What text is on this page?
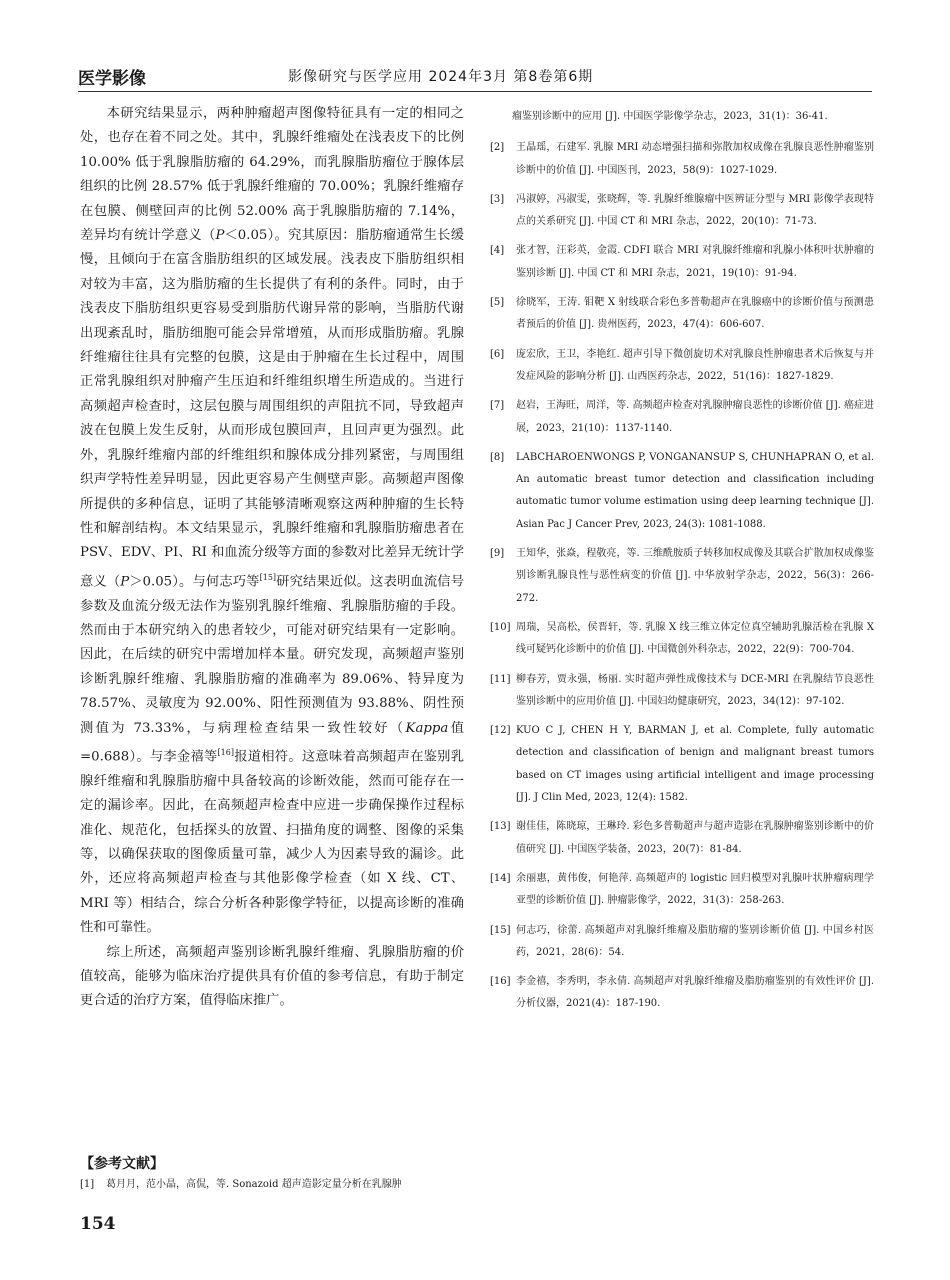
医学影像	影像研究与医学应用 2024年3月 第8卷第6期

本研究结果显示，两种肿瘤超声图像特征具有一定的相同之处，也存在着不同之处。其中，乳腺纤维瘤处在浅表皮下的比例 10.00% 低于乳腺脂肪瘤的 64.29%，而乳腺脂肪瘤位于腺体层组织的比例 28.57% 低于乳腺纤维瘤的 70.00%；乳腺纤维瘤存在包膜、侧壁回声的比例 52.00% 高于乳腺脂肪瘤的 7.14%，差异均有统计学意义（P＜0.05）。究其原因：脂肪瘤通常生长缓慢，且倾向于在富含脂肪组织的区域发展。浅表皮下脂肪组织相对较为丰富，这为脂肪瘤的生长提供了有利的条件。同时，由于浅表皮下脂肪组织更容易受到脂肪代谢异常的影响，当脂肪代谢出现紊乱时，脂肪细胞可能会异常增殖，从而形成脂肪瘤。乳腺纤维瘤往往具有完整的包膜，这是由于肿瘤在生长过程中，周围正常乳腺组织对肿瘤产生压迫和纤维组织增生所造成的。当进行高频超声检查时，这层包膜与周围组织的声阻抗不同，导致超声波在包膜上发生反射，从而形成包膜回声，且回声更为强烈。此外，乳腺纤维瘤内部的纤维组织和腺体成分排列紧密，与周围组织声学特性差异明显，因此更容易产生侧壁声影。高频超声图像所提供的多种信息，证明了其能够清晰观察这两种肿瘤的生长特性和解剖结构。本文结果显示，乳腺纤维瘤和乳腺脂肪瘤患者在 PSV、EDV、PI、RI 和血流分级等方面的参数对比差异无统计学意义（P＞0.05）。与何志巧等[15]研究结果近似。这表明血流信号参数及血流分级无法作为鉴别乳腺纤维瘤、乳腺脂肪瘤的手段。然而由于本研究纳入的患者较少，可能对研究结果有一定影响。因此，在后续的研究中需增加样本量。研究发现，高频超声鉴别诊断乳腺纤维瘤、乳腺脂肪瘤的准确率为 89.06%、特异度为 78.57%、灵敏度为 92.00%、阳性预测值为 93.88%、阴性预测值为 73.33%，与病理检查结果一致性较好（Kappa值 =0.688）。与李金禧等[16]报道相符。这意味着高频超声在鉴别乳腺纤维瘤和乳腺脂肪瘤中具备较高的诊断效能，然而可能存在一定的漏诊率。因此，在高频超声检查中应进一步确保操作过程标准化、规范化，包括探头的放置、扫描角度的调整、图像的采集等，以确保获取的图像质量可靠，减少人为因素导致的漏诊。此外，还应将高频超声检查与其他影像学检查（如 X 线、CT、MRI 等）相结合，综合分析各种影像学特征，以提高诊断的准确性和可靠性。

综上所述，高频超声鉴别诊断乳腺纤维瘤、乳腺脂肪瘤的价值较高，能够为临床治疗提供具有价值的参考信息，有助于制定更合适的治疗方案，值得临床推广。

【参考文献】
[1] 葛月月，范小晶，高侃，等. Sonazoid 超声造影定量分析在乳腺肿
瘤鉴别诊断中的应用 [J]. 中国医学影像学杂志，2023，31(1)：36-41.
[2] 王晶瑶，石建军. 乳腺 MRI 动态增强扫描和弥散加权成像在乳腺良恶性肿瘤鉴别诊断中的价值 [J]. 中国医刊，2023，58(9)：1027-1029.
[3] 冯淑婷，冯淑雯，张晓辉，等. 乳腺纤维腺瘤中医辨证分型与 MRI 影像学表现特点的关系研究 [J]. 中国 CT 和 MRI 杂志，2022，20(10)：71-73.
[4] 张才智，汪彩英，金霞. CDFI 联合 MRI 对乳腺纤维瘤和乳腺小体积叶状肿瘤的鉴别诊断 [J]. 中国 CT 和 MRI 杂志，2021，19(10)：91-94.
[5] 徐晓军，王涛. 钼靶 X 射线联合彩色多普勒超声在乳腺癌中的诊断价值与预测患者预后的价值 [J]. 贵州医药，2023，47(4)：606-607.
[6] 庞宏欣，王卫，李艳红. 超声引导下微创旋切术对乳腺良性肿瘤患者术后恢复与并发症风险的影响分析 [J]. 山西医药杂志，2022，51(16)：1827-1829.
[7] 赵岩，王海旺，周洋，等. 高频超声检查对乳腺肿瘤良恶性的诊断价值 [J]. 癌症进展，2023，21(10)：1137-1140.
[8] LABCHAROENWONGS P, VONGANANSUP S, CHUNHAPRAN O, et al. An automatic breast tumor detection and classification including automatic tumor volume estimation using deep learning technique [J]. Asian Pac J Cancer Prev, 2023, 24(3): 1081-1088.
[9] 王知华，张焱，程敬亮，等. 三维酰胺质子转移加权成像及其联合扩散加权成像鉴别诊断乳腺良性与恶性病变的价值 [J]. 中华放射学杂志，2022，56(3)：266-272.
[10] 周瑞，吴高松，侯晋轩，等. 乳腺 X 线三维立体定位真空辅助乳腺活检在乳腺 X 线可疑钙化诊断中的价值 [J]. 中国微创外科杂志，2022，22(9)：700-704.
[11] 柳春芳，贾永强，杨丽. 实时超声弹性成像技术与 DCE-MRI 在乳腺结节良恶性鉴别诊断中的应用价值 [J]. 中国妇幼健康研究，2023，34(12)：97-102.
[12] KUO C J, CHEN H Y, BARMAN J, et al. Complete, fully automatic detection and classification of benign and malignant breast tumors based on CT images using artificial intelligent and image processing [J]. J Clin Med, 2023, 12(4): 1582.
[13] 谢佳佳，陈晓琼，王琳玲. 彩色多普勒超声与超声造影在乳腺肿瘤鉴别诊断中的价值研究 [J]. 中国医学装备，2023，20(7)：81-84.
[14] 余丽惠，黄伟俊，何艳萍. 高频超声的 logistic 回归模型对乳腺叶状肿瘤病理学亚型的诊断价值 [J]. 肿瘤影像学，2022，31(3)：258-263.
[15] 何志巧，徐蕾. 高频超声对乳腺纤维瘤及脂肪瘤的鉴别诊断价值 [J]. 中国乡村医药，2021，28(6)：54.
[16] 李金禧，李秀明，李永倩. 高频超声对乳腺纤维瘤及脂肪瘤鉴别的有效性评价 [J]. 分析仪器，2021(4)：187-190.
154
